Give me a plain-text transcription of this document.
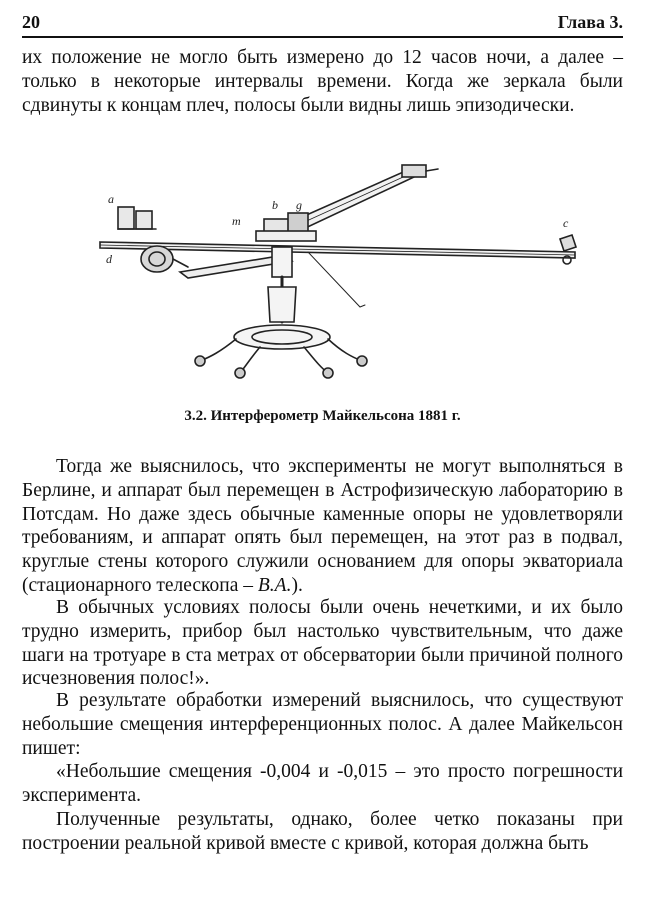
20	Глава 3.
их положение не могло быть измерено до 12 часов ночи, а далее – только в некоторые интервалы времени. Когда же зеркала были сдвинуты к концам плеч, полосы были видны лишь эпизодически.
a
d
m
b g
c
3.2. Интерферометр Майкельсона 1881 г.
Тогда же выяснилось, что эксперименты не могут выполняться в Берлине, и аппарат был перемещен в Астрофизическую лабораторию в Потсдам. Но даже здесь обычные каменные опоры не удовлетворяли требованиям, и аппарат опять был перемещен, на этот раз в подвал, круглые стены которого служили основанием для опоры экваториала (стационарного телескопа – В.А.).
В обычных условиях полосы были очень нечеткими, и их было трудно измерить, прибор был настолько чувствительным, что даже шаги на тротуаре в ста метрах от обсерватории были причиной полного исчезновения полос!».
В результате обработки измерений выяснилось, что существуют небольшие смещения интерференционных полос. А далее Майкельсон пишет:
«Небольшие смещения -0,004 и -0,015 – это просто погрешности эксперимента.
Полученные результаты, однако, более четко показаны при построении реальной кривой вместе с кривой, которая должна быть
